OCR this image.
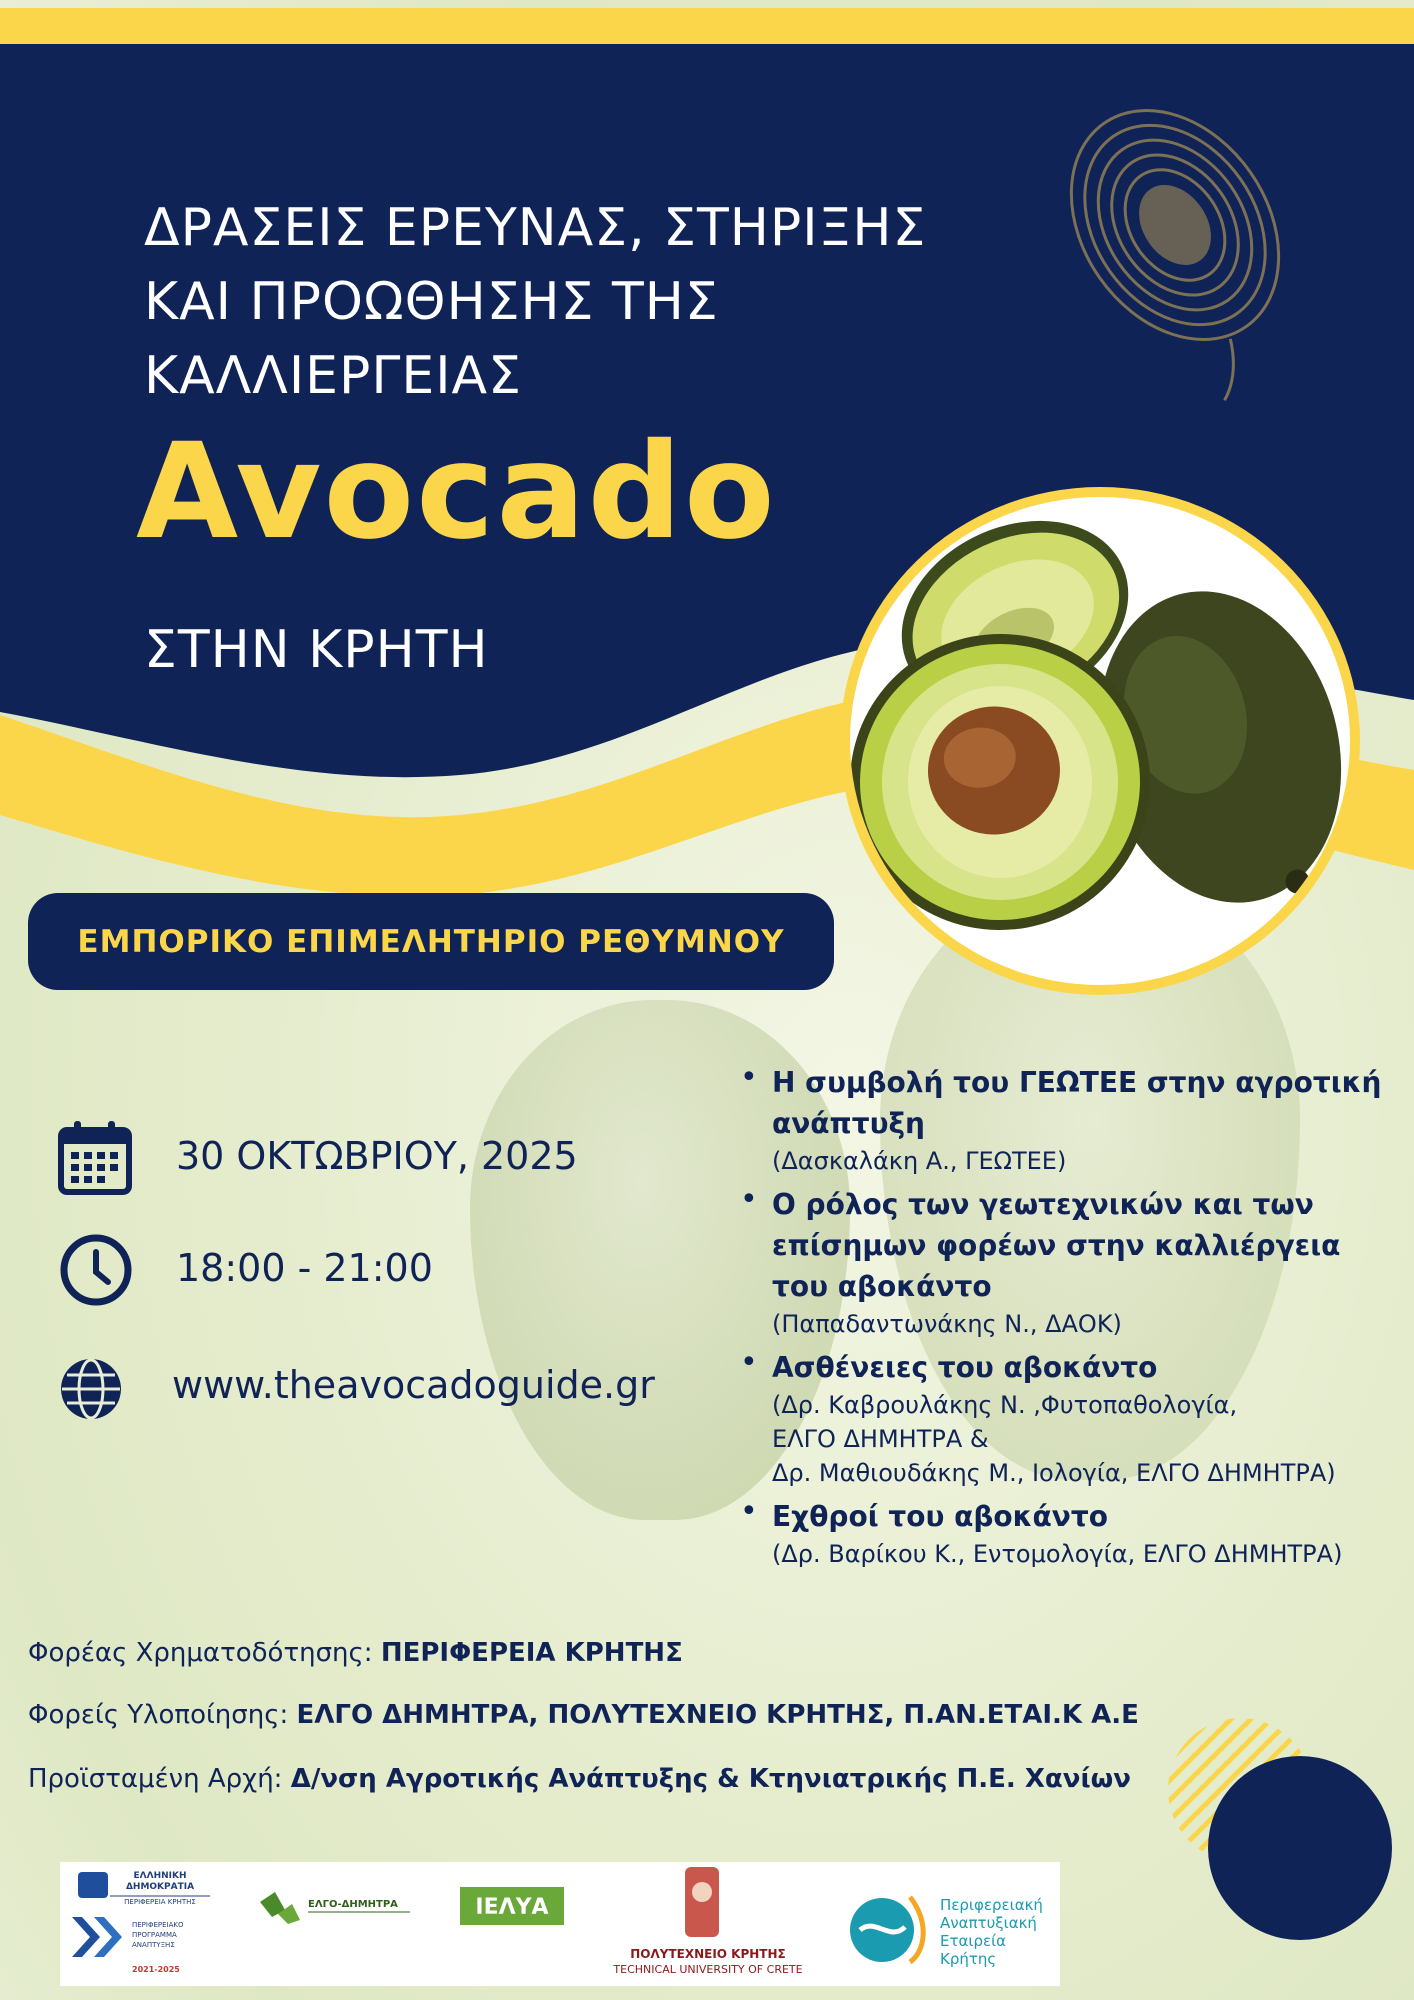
ΔΡΑΣΕΙΣ ΕΡΕΥΝΑΣ, ΣΤΗΡΙΞΗΣ
ΚΑΙ ΠΡΟΩΘΗΣΗΣ ΤΗΣ
ΚΑΛΛΙΕΡΓΕΙΑΣ
Avocado
ΣΤΗΝ ΚΡΗΤΗ
ΕΜΠΟΡΙΚΟ ΕΠΙΜΕΛΗΤΗΡΙΟ ΡΕΘΥΜΝΟΥ
30 ΟΚΤΩΒΡΙΟΥ, 2025
18:00 - 21:00
www.theavocadoguide.gr
• Η συμβολή του ΓΕΩΤΕΕ στην αγροτική ανάπτυξη
(Δασκαλάκη Α., ΓΕΩΤΕΕ)
• Ο ρόλος των γεωτεχνικών και των επίσημων φορέων στην καλλιέργεια του αβοκάντο
(Παπαδαντωνάκης Ν., ΔΑΟΚ)
• Ασθένειες του αβοκάντο
(Δρ. Καβρουλάκης Ν. ,Φυτοπαθολογία,
ΕΛΓΟ ΔΗΜΗΤΡΑ &
Δρ. Μαθιουδάκης Μ., Ιολογία, ΕΛΓΟ ΔΗΜΗΤΡΑ)
• Εχθροί του αβοκάντο
(Δρ. Βαρίκου Κ., Εντομολογία, ΕΛΓΟ ΔΗΜΗΤΡΑ)
Φορέας Χρηματοδότησης: ΠΕΡΙΦΕΡΕΙΑ ΚΡΗΤΗΣ
Φορείς Υλοποίησης: ΕΛΓΟ ΔΗΜΗΤΡΑ, ΠΟΛΥΤΕΧΝΕΙΟ ΚΡΗΤΗΣ, Π.ΑΝ.ΕΤΑΙ.Κ Α.Ε
Προϊσταμένη Αρχή: Δ/νση Αγροτικής Ανάπτυξης & Κτηνιατρικής Π.Ε. Χανίων
ΕΛΛΗΝΙΚΗ
ΔΗΜΟΚΡΑΤΙΑ
ΠΕΡΙΦΕΡΕΙΑ ΚΡΗΤΗΣ
ΠΕΡΙΦΕΡΕΙΑΚΟ
ΠΡΟΓΡΑΜΜΑ
ΑΝΑΠΤΥΞΗΣ
2021-2025
ΕΛΓΟ-ΔΗΜΗΤΡΑ	ΙΕΛΥΑ
ΠΟΛΥΤΕΧΝΕΙΟ ΚΡΗΤΗΣ
TECHNICAL UNIVERSITY OF CRETE
Περιφερειακή
Αναπτυξιακή
Εταιρεία
Κρήτης
